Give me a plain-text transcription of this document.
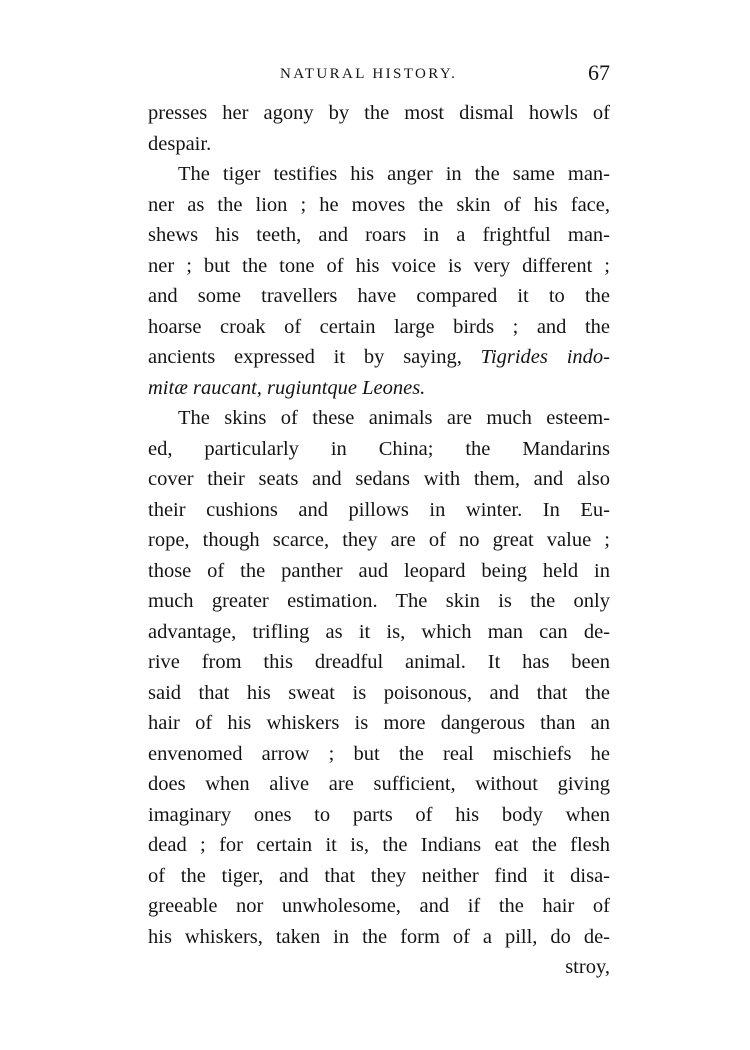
NATURAL HISTORY.	67
presses her agony by the most dismal howls of
despair.
The tiger testifies his anger in the same man-
ner as the lion ; he moves the skin of his face,
shews his teeth, and roars in a frightful man-
ner ; but the tone of his voice is very different ;
and some travellers have compared it to the
hoarse croak of certain large birds ; and the
ancients expressed it by saying, Tigrides indo-
mitæ raucant, rugiuntque Leones.
The skins of these animals are much esteem-
ed, particularly in China; the Mandarins
cover their seats and sedans with them, and also
their cushions and pillows in winter. In Eu-
rope, though scarce, they are of no great value ;
those of the panther aud leopard being held in
much greater estimation. The skin is the only
advantage, trifling as it is, which man can de-
rive from this dreadful animal. It has been
said that his sweat is poisonous, and that the
hair of his whiskers is more dangerous than an
envenomed arrow ; but the real mischiefs he
does when alive are sufficient, without giving
imaginary ones to parts of his body when
dead ; for certain it is, the Indians eat the flesh
of the tiger, and that they neither find it disa-
greeable nor unwholesome, and if the hair of
his whiskers, taken in the form of a pill, do de-
stroy,
